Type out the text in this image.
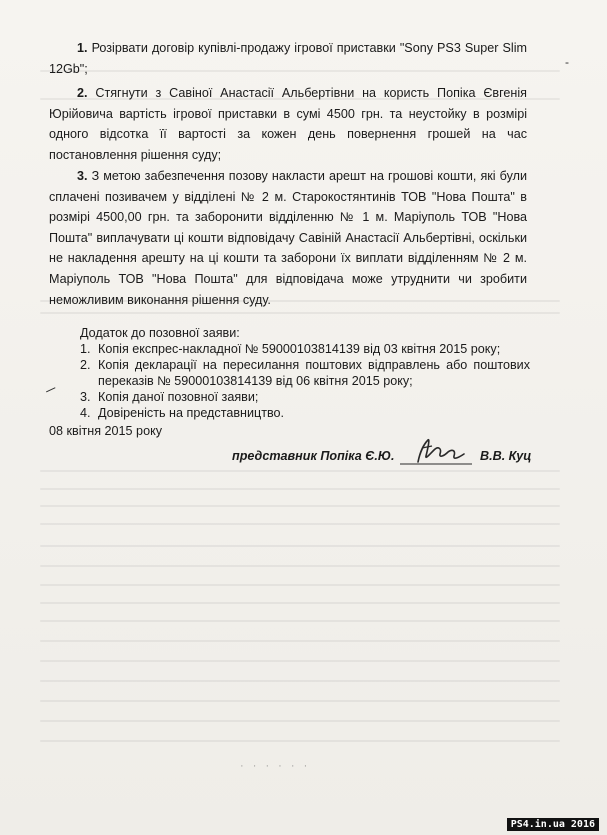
-

1. Розірвати договір купівлі-продажу ігрової приставки "Sony PS3 Super Slim 12Gb";

2. Стягнути з Савіної Анастасії Альбертівни на користь Попіка Євгенія Юрійовича вартість ігрової приставки в сумі 4500 грн. та неустойку в розмірі одного відсотка її вартості за кожен день повернення грошей на час постановлення рішення суду;

3. З метою забезпечення позову накласти арешт на грошові кошти, які були сплачені позивачем у відділені № 2 м. Старокостянтинів ТОВ "Нова Пошта" в розмірі 4500,00 грн. та заборонити відділенню № 1 м. Маріуполь ТОВ "Нова Пошта" виплачувати ці кошти відповідачу Савіній Анастасії Альбертівні, оскільки не накладення арешту на ці кошти та заборони їх виплати відділенням № 2 м. Маріуполь ТОВ "Нова Пошта" для відповідача може утруднити чи зробити неможливим виконання рішення суду.

Додаток до позовної заяви:
1. Копія експрес-накладної № 59000103814139 від 03 квітня 2015 року;
2. Копія декларації на пересилання поштових відправлень або поштових переказів № 59000103814139 від 06 квітня 2015 року;
3. Копія даної позовної заяви;
4. Довіреність на представництво.
08 квітня 2015 року
представник Попіка Є.Ю.	В.В. Куц
· · · · · ·
PS4.in.ua 2016
